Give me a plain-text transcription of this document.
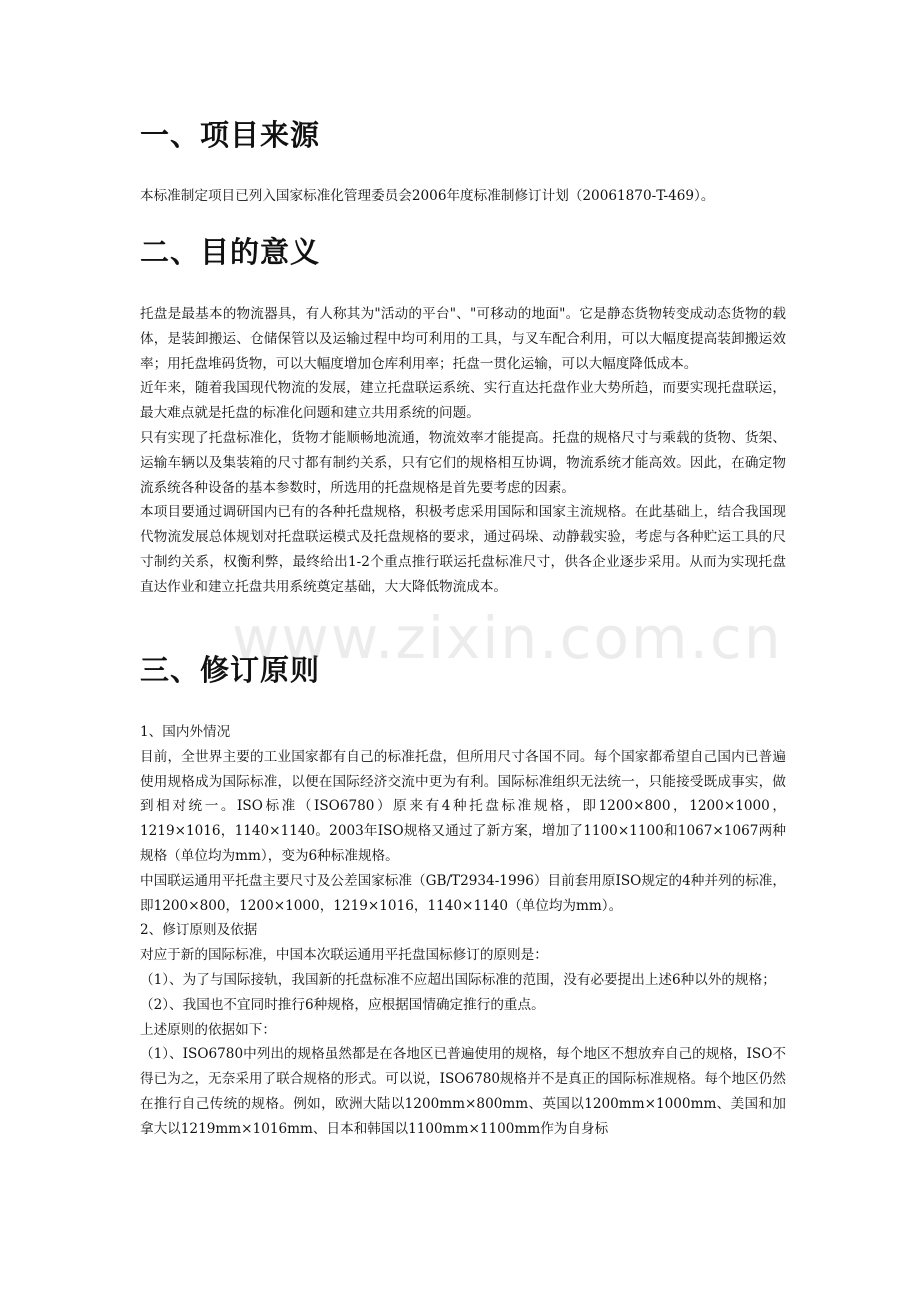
一、项目来源

本标准制定项目已列入国家标准化管理委员会2006年度标准制修订计划（20061870-T-469）。

二、目的意义

托盘是最基本的物流器具，有人称其为"活动的平台"、"可移动的地面"。它是静态货物转变成动态货物的载体，是装卸搬运、仓储保管以及运输过程中均可利用的工具，与叉车配合利用，可以大幅度提高装卸搬运效率；用托盘堆码货物，可以大幅度增加仓库利用率；托盘一贯化运输，可以大幅度降低成本。

近年来，随着我国现代物流的发展，建立托盘联运系统、实行直达托盘作业大势所趋，而要实现托盘联运，最大难点就是托盘的标准化问题和建立共用系统的问题。

只有实现了托盘标准化，货物才能顺畅地流通，物流效率才能提高。托盘的规格尺寸与乘载的货物、货架、运输车辆以及集装箱的尺寸都有制约关系，只有它们的规格相互协调，物流系统才能高效。因此，在确定物流系统各种设备的基本参数时，所选用的托盘规格是首先要考虑的因素。

本项目要通过调研国内已有的各种托盘规格，积极考虑采用国际和国家主流规格。在此基础上，结合我国现代物流发展总体规划对托盘联运模式及托盘规格的要求，通过码垛、动静载实验，考虑与各种贮运工具的尺寸制约关系，权衡利弊，最终给出1-2个重点推行联运托盘标准尺寸，供各企业逐步采用。从而为实现托盘直达作业和建立托盘共用系统奠定基础，大大降低物流成本。

三、修订原则

1、国内外情况

目前，全世界主要的工业国家都有自己的标准托盘，但所用尺寸各国不同。每个国家都希望自己国内已普遍使用规格成为国际标准，以便在国际经济交流中更为有利。国际标准组织无法统一，只能接受既成事实，做到相对统一。ISO标准（ISO6780）原来有4种托盘标准规格，即1200×800，1200×1000，1219×1016，1140×1140。2003年ISO规格又通过了新方案，增加了1100×1100和1067×1067两种规格（单位均为mm），变为6种标准规格。

中国联运通用平托盘主要尺寸及公差国家标准（GB/T2934-1996）目前套用原ISO规定的4种并列的标准，即1200×800，1200×1000，1219×1016，1140×1140（单位均为mm）。

2、修订原则及依据

对应于新的国际标准，中国本次联运通用平托盘国标修订的原则是：

（1）、为了与国际接轨，我国新的托盘标准不应超出国际标准的范围，没有必要提出上述6种以外的规格；

（2）、我国也不宜同时推行6种规格，应根据国情确定推行的重点。

上述原则的依据如下：

（1）、ISO6780中列出的规格虽然都是在各地区已普遍使用的规格，每个地区不想放弃自己的规格，ISO不得已为之，无奈采用了联合规格的形式。可以说，ISO6780规格并不是真正的国际标准规格。每个地区仍然在推行自己传统的规格。例如，欧洲大陆以1200mm×800mm、英国以1200mm×1000mm、美国和加拿大以1219mm×1016mm、日本和韩国以1100mm×1100mm作为自身标

www.zixin.com.cn
